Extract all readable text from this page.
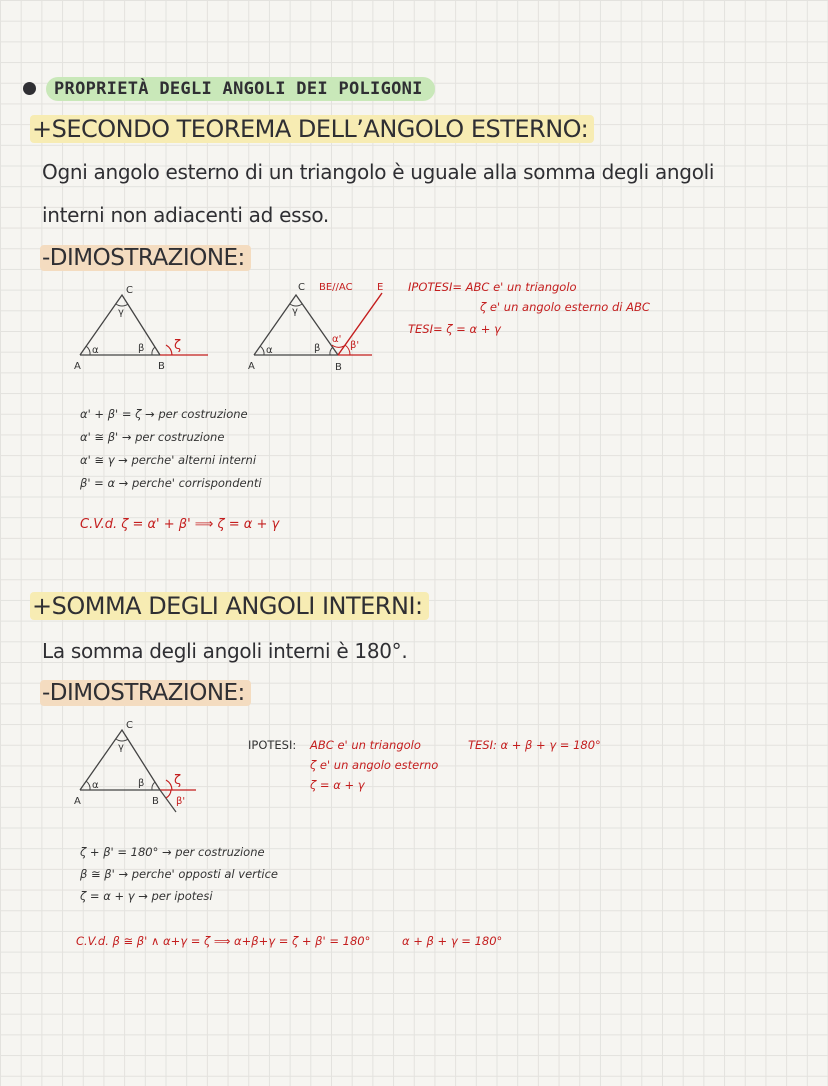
PROPRIETÀ DEGLI ANGOLI DEI POLIGONI
+SECONDO TEOREMA DELL’ANGOLO ESTERNO:
Ogni angolo esterno di un triangolo è uguale alla somma degli angoli
interni non adiacenti ad esso.
-DIMOSTRAZIONE:
A	B
C
α	β
γ
ζ
A	B
C	E
BE//AC
α	β
γ
α'
β'
IPOTESI= ABC e' un triangolo
ζ e' un angolo esterno di ABC
TESI= ζ = α + γ
α' + β' = ζ → per costruzione
α' ≅ β' → per costruzione
α' ≅ γ → perche' alterni interni
β' = α → perche' corrispondenti
C.V.d. ζ = α' + β' ⟹ ζ = α + γ
+SOMMA DEGLI ANGOLI INTERNI:
La somma degli angoli interni è 180°.
-DIMOSTRAZIONE:
A	B
C
α	β
γ
ζ
β'
IPOTESI: ABC e' un triangolo
ζ e' un angolo esterno
ζ = α + γ
TESI: α + β + γ = 180°
ζ + β' = 180° → per costruzione
β ≅ β' → perche' opposti al vertice
ζ = α + γ → per ipotesi
C.V.d. β ≅ β' ∧ α+γ = ζ ⟹ α+β+γ = ζ + β' = 180°	α + β + γ = 180°
